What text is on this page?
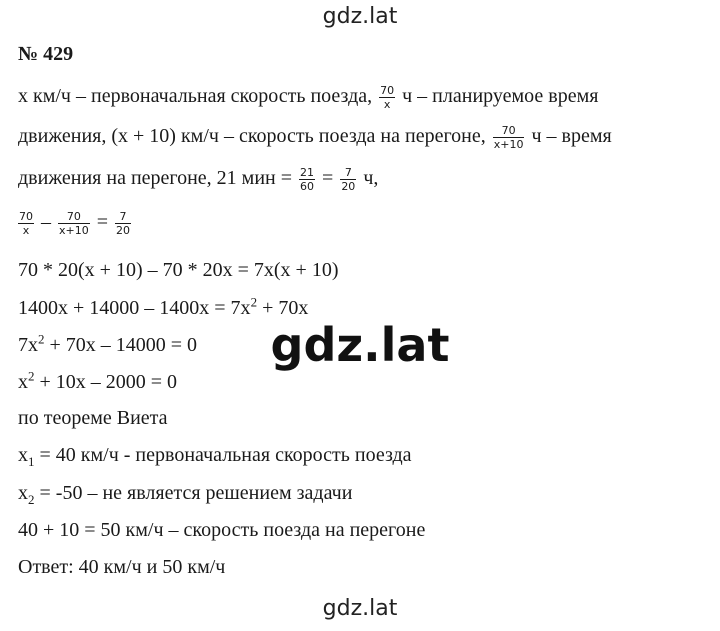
gdz.lat
№ 429
x км/ч – первоначальная скорость поезда, $\frac{70}{x}$ ч – планируемое время
движения, (x + 10) км/ч – скорость поезда на перегоне, $\frac{70}{x+10}$ ч – время
движения на перегоне, 21 мин = $\frac{21}{60} = \frac{7}{20} ч$,
$\frac{70}{x} - \frac{70}{x+10} = \frac{7}{20}$
70 * 20(x + 10) – 70 * 20x = 7x(x + 10)
$1400x + 14000 - 1400x = 7x^2 + 70x$
$7x^2 + 70x - 14000 = 0$	gdz.lat
$x^2 + 10x - 2000 = 0$
по теореме Виета
$x_1 = 40$ км/ч - первоначальная скорость поезда
$x_2 = -50$ – не является решением задачи
40 + 10 = 50 км/ч – скорость поезда на перегоне
Ответ: 40 км/ч и 50 км/ч
gdz.lat
